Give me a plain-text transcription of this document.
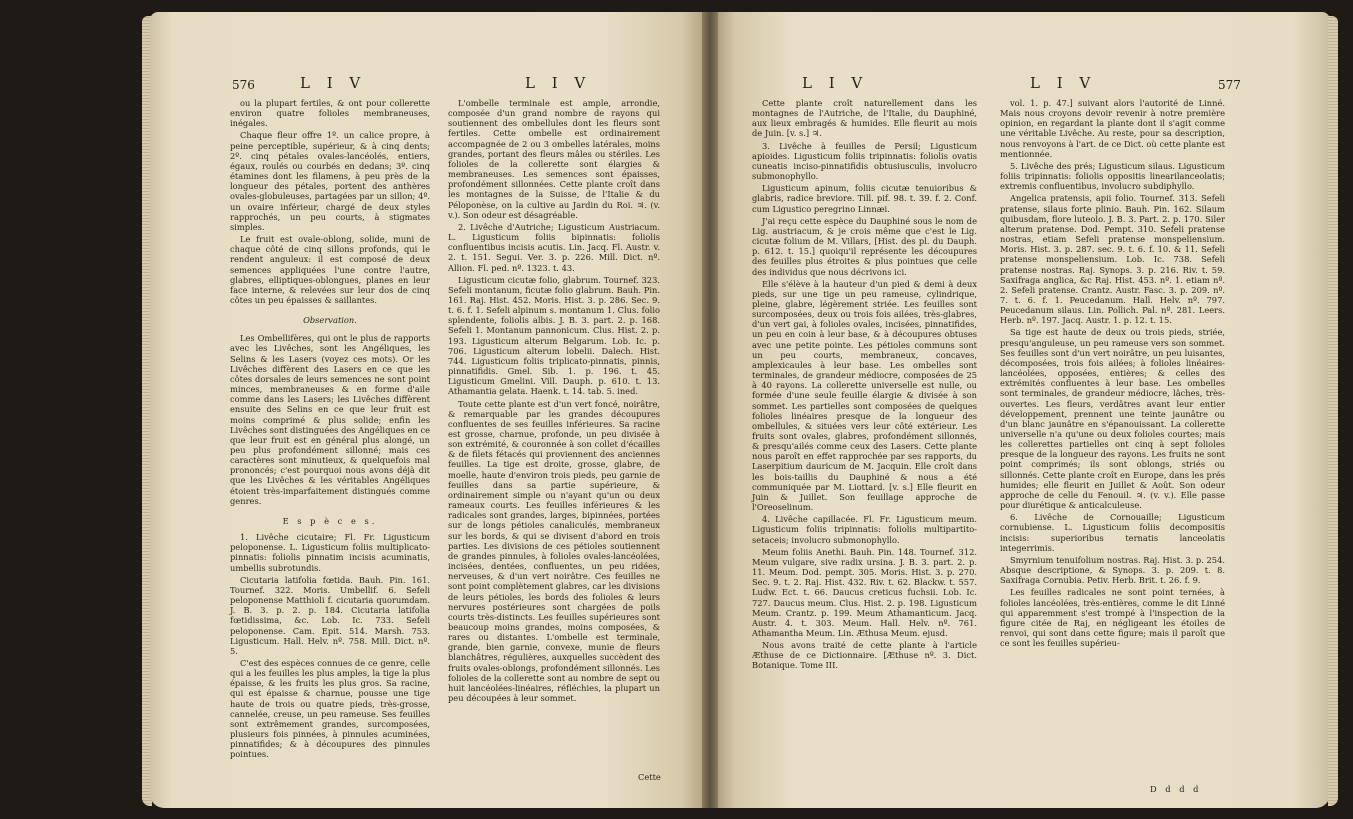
576	L I V	L I V

ou la plupart fertiles, & ont pour collerette environ quatre folioles membraneuses, inégales.

Chaque fleur offre 1º. un calice propre, à peine perceptible, supérieur, & à cinq dents; 2º. cinq pétales ovales-lancéolés, entiers, égaux, roulés ou courbés en dedans; 3º. cinq étamines dont les filamens, à peu près de la longueur des pétales, portent des anthères ovales-globuleuses, partagées par un sillon; 4º. un ovaire inférieur, chargé de deux styles rapprochés, un peu courts, à stigmates simples.

Le fruit est ovale-oblong, solide, muni de chaque côté de cinq sillons profonds, qui le rendent anguleux: il est composé de deux semences appliquées l'une contre l'autre, glabres, elliptiques-oblongues, planes en leur face interne, & relevées sur leur dos de cinq côtes un peu épaisses & saillantes.

Observation.

Les Ombellifères, qui ont le plus de rapports avec les Livêches, sont les Angéliques, les Selins & les Lasers (voyez ces mots). Or les Livêches diffèrent des Lasers en ce que les côtes dorsales de leurs semences ne sont point minces, membraneuses & en forme d'aile comme dans les Lasers; les Livêches diffèrent ensuite des Selins en ce que leur fruit est moins comprimé & plus solide; enfin les Livêches sont distinguées des Angéliques en ce que leur fruit est en général plus alongé, un peu plus profondément sillonné; mais ces caractères sont minutieux, & quelquefois mal prononcés; c'est pourquoi nous avons déjà dit que les Livêches & les véritables Angéliques étoient très-imparfaitement distingués comme genres.

E s p è c e s.

1. Livêche cicutaire; Fl. Fr. Ligusticum peloponense. L. Ligusticum foliis multiplicato-pinnatis: foliolis pinnatim incisis acuminatis, umbellis subrotundis.

Cicutaria latifolia fœtida. Bauh. Pin. 161. Tournef. 322. Moris. Umbellif. 6. Sefeli peloponense Matthioli f. cicutaria quorumdam. J. B. 3. p. 2. p. 184. Cicutaria latifolia fœtidissima, &c. Lob. Ic. 733. Sefeli peloponense. Cam. Epit. 514. Marsh. 753. Ligusticum. Hall. Helv. nº. 758. Mill. Dict. nº. 5.

C'est des espèces connues de ce genre, celle qui a les feuilles les plus amples, la tige la plus épaisse, & les fruits les plus gros. Sa racine, qui est épaisse & charnue, pousse une tige haute de trois ou quatre pieds, très-grosse, cannelée, creuse, un peu rameuse. Ses feuilles sont extrêmement grandes, surcomposées, plusieurs fois pinnées, à pinnules acuminées, pinnatifides; & à découpures des pinnules pointues.

L'ombelle terminale est ample, arrondie, composée d'un grand nombre de rayons qui soutiennent des ombellules dont les fleurs sont fertiles. Cette ombelle est ordinairement accompagnée de 2 ou 3 ombelles latérales, moins grandes, portant des fleurs mâles ou stériles. Les folioles de la collerette sont élargies & membraneuses. Les semences sont épaisses, profondément sillonnées. Cette plante croît dans les montagnes de la Suisse, de l'Italie & du Péloponèse, on la cultive au Jardin du Roi. ♃. (v. v.). Son odeur est désagréable.

2. Livêche d'Autriche; Ligusticum Austriacum. L. Ligusticum foliis bipinnatis: foliolis confluentibus incisis acutis. Lin. Jacq. Fl. Austr. v. 2. t. 151. Segui. Ver. 3. p. 226. Mill. Dict. nº. Allion. Fl. ped. nº. 1323. t. 43.

Ligusticum cicutæ folio, glabrum. Tournef. 323. Sefeli montanum, ficutæ folio glabrum. Bauh. Pin. 161. Raj. Hist. 452. Moris. Hist. 3. p. 286. Sec. 9. t. 6. f. 1. Sefeli alpinum s. montanum 1. Clus. folio splendente, foliolis albis. J. B. 3. part. 2. p. 168. Sefeli 1. Montanum pannonicum. Clus. Hist. 2. p. 193. Ligusticum alterum Belgarum. Lob. Ic. p. 706. Ligusticum alterum lobelii. Dalech. Hist. 744. Ligusticum foliis triplicato-pinnatis, pinnis, pinnatifidis. Gmel. Sib. 1. p. 196. t. 45. Ligusticum Gmelini. Vill. Dauph. p. 610. t. 13. Athamantia gelata. Haenk. t. 14. tab. 5. ined.

Toute cette plante est d'un vert foncé, noirâtre, & remarquable par les grandes découpures confluentes de ses feuilles inférieures. Sa racine est grosse, charnue, profonde, un peu divisée à son extrémité, & couronnée à son collet d'écailles & de filets fétacés qui proviennent des anciennes feuilles. La tige est droite, grosse, glabre, de moelle, haute d'environ trois pieds, peu garnie de feuilles dans sa partie supérieure, & ordinairement simple ou n'ayant qu'un ou deux rameaux courts. Les feuilles inférieures & les radicales sont grandes, larges, bipinnées, portées sur de longs pétioles canaliculés, membraneux sur les bords, & qui se divisent d'abord en trois parties. Les divisions de ces pétioles soutiennent de grandes pinnules, à folioles ovales-lancéolées, incisées, dentées, confluentes, un peu ridées, nerveuses, & d'un vert noirâtre. Ces feuilles ne sont point complètement glabres, car les divisions de leurs pétioles, les bords des folioles & leurs nervures postérieures sont chargées de poils courts très-distincts. Les feuilles supérieures sont beaucoup moins grandes, moins composées, & rares ou distantes. L'ombelle est terminale, grande, bien garnie, convexe, munie de fleurs blanchâtres, régulières, auxquelles succèdent des fruits ovales-oblongs, profondément sillonnés. Les folioles de la collerette sont au nombre de sept ou huit lancéolées-linéaires, réfléchies, la plupart un peu découpées à leur sommet.

Cette
L I V	L I V	577

Cette plante croît naturellement dans les montagnes de l'Autriche, de l'Italie, du Dauphiné, aux lieux embragés & humides. Elle fleurit au mois de Juin. [v. s.] ♃.

3. Livêche à feuilles de Persil; Ligusticum apioides. Ligusticum foliis tripinnatis: foliolis ovatis cuneatis inciso-pinnatifidis obtusiusculis, involucro submonophyllo.

Ligusticum apinum, foliis cicutæ tenuioribus & glabris, radice breviore. Till. pif. 98. t. 39. f. 2. Conf. cum Ligustico peregrino Linnæi.

J'ai reçu cette espèce du Dauphiné sous le nom de Lig. austriacum, & je crois même que c'est le Lig. cicutæ folium de M. Villars, [Hist. des pl. du Dauph. p. 612. t. 15.] quoiqu'il représente les découpures des feuilles plus étroites & plus pointues que celle des individus que nous décrivons ici.

Elle s'élève à la hauteur d'un pied & demi à deux pieds, sur une tige un peu rameuse, cylindrique, pleine, glabre, légèrement striée. Les feuilles sont surcomposées, deux ou trois fois ailées, très-glabres, d'un vert gai, à folioles ovales, incisées, pinnatifides, un peu en coin à leur base, & à découpures obtuses avec une petite pointe. Les pétioles communs sont un peu courts, membraneux, concaves, amplexicaules à leur base. Les ombelles sont terminales, de grandeur médiocre, composées de 25 à 40 rayons. La collerette universelle est nulle, ou formée d'une seule feuille élargie & divisée à son sommet. Les partielles sont composées de quelques folioles linéaires presque de la longueur des ombellules, & situées vers leur côté extérieur. Les fruits sont ovales, glabres, profondément sillonnés, & presqu'ailés comme ceux des Lasers. Cette plante nous paroît en effet rapprochée par ses rapports, du Laserpitium dauricum de M. Jacquin. Elle croît dans les bois-taillis du Dauphiné & nous a été communiquée par M. Liottard. [v. s.] Elle fleurit en Juin & Juillet. Son feuillage approche de l'Oreoselinum.

4. Livêche capillacée. Fl. Fr. Ligusticum meum. Ligusticum foliis tripinnatis: foliolis multipartito-setaceis; involucro submonophyllo.

Meum foliis Anethi. Bauh. Pin. 148. Tournef. 312. Meum vulgare, sive radix ursina. J. B. 3. part. 2. p. 11. Meum. Dod. pempt. 305. Moris. Hist. 3. p. 270. Sec. 9. t. 2. Raj. Hist. 432. Riv. t. 62. Blackw. t. 557. Ludw. Ect. t. 66. Daucus creticus fuchsii. Lob. Ic. 727. Daucus meum. Clus. Hist. 2. p. 198. Ligusticum Meum. Crantz. p. 199. Meum Athamanticum. Jacq. Austr. 4. t. 303. Meum. Hall. Helv. nº. 761. Athamantha Meum. Lin. Æthusa Meum. ejusd.

Nous avons traité de cette plante à l'article Æthuse de ce Dictionnaire. [Æthuse nº. 3. Dict. Botanique. Tome III.

vol. 1. p. 47.] suivant alors l'autorité de Linné. Mais nous croyons devoir revenir à notre première opinion, en regardant la plante dont il s'agit comme une véritable Livêche. Au reste, pour sa description, nous renvoyons à l'art. de ce Dict. où cette plante est mentionnée.

5. Livêche des prés; Ligusticum silaus. Ligusticum foliis tripinnatis: foliolis oppositis linearilanceolatis; extremis confluentibus, involucro subdiphyllo.

Angelica pratensis, apii folio. Tournef. 313. Sefeli pratense, silaus forte plinio. Bauh. Pin. 162. Silaum quibusdam, flore luteolo. J. B. 3. Part. 2. p. 170. Siler alterum pratense. Dod. Pempt. 310. Sefeli pratense nostras, etiam Sefeli pratense monspeliensium. Moris. Hist. 3. p. 287. sec. 9. t. 6. f. 10. & 11. Sefeli pratense monspeliensium. Lob. Ic. 738. Sefeli pratense nostras. Raj. Synops. 3. p. 216. Riv. t. 59. Saxifraga anglica, &c Raj. Hist. 453. nº. 1. etiam nº. 2. Sefeli pratense. Crantz. Austr. Fasc. 3. p. 209. nº. 7. t. 6. f. 1. Peucedanum. Hall. Helv. nº. 797. Peucedanum silaus. Lin. Pollich. Pal. nº. 281. Leers. Herb. nº. 197. Jacq. Austr. 1. p. 12. t. 15.

Sa tige est haute de deux ou trois pieds, striée, presqu'anguleuse, un peu rameuse vers son sommet. Ses feuilles sont d'un vert noirâtre, un peu luisantes, décomposées, trois fois ailées; à folioles linéaires-lancéolées, opposées, entières; & celles des extrémités confluentes à leur base. Les ombelles sont terminales, de grandeur médiocre, lâches, très-ouvertes. Les fleurs, verdâtres avant leur entier développement, prennent une teinte jaunâtre ou d'un blanc jaunâtre en s'épanouissant. La collerette universelle n'a qu'une ou deux folioles courtes; mais les collerettes partielles ont cinq à sept folioles presque de la longueur des rayons. Les fruits ne sont point comprimés; ils sont oblongs, striés ou sillonnés. Cette plante croît en Europe, dans les prés humides; elle fleurit en Juillet & Août. Son odeur approche de celle du Fenouil. ♃. (v. v.). Elle passe pour diurétique & anticalculeuse.

6. Livêche de Cornouaille; Ligusticum cornubiense. L. Ligusticum foliis decompositis incisis: superioribus ternatis lanceolatis integerrimis.

Smyrnium tenuifolium nostras. Raj. Hist. 3. p. 254. Absque descriptione, & Synops. 3. p. 209. t. 8. Saxifraga Cornubia. Petiv. Herb. Brit. t. 26. f. 9.

Les feuilles radicales ne sont point ternées, à folioles lancéolées, très-entières, comme le dit Linné qui apparemment s'est trompé à l'inspection de la figure citée de Raj, en négligeant les étoiles de renvoi, qui sont dans cette figure; mais il paroît que ce sont les feuilles supérieu-

D d d d
